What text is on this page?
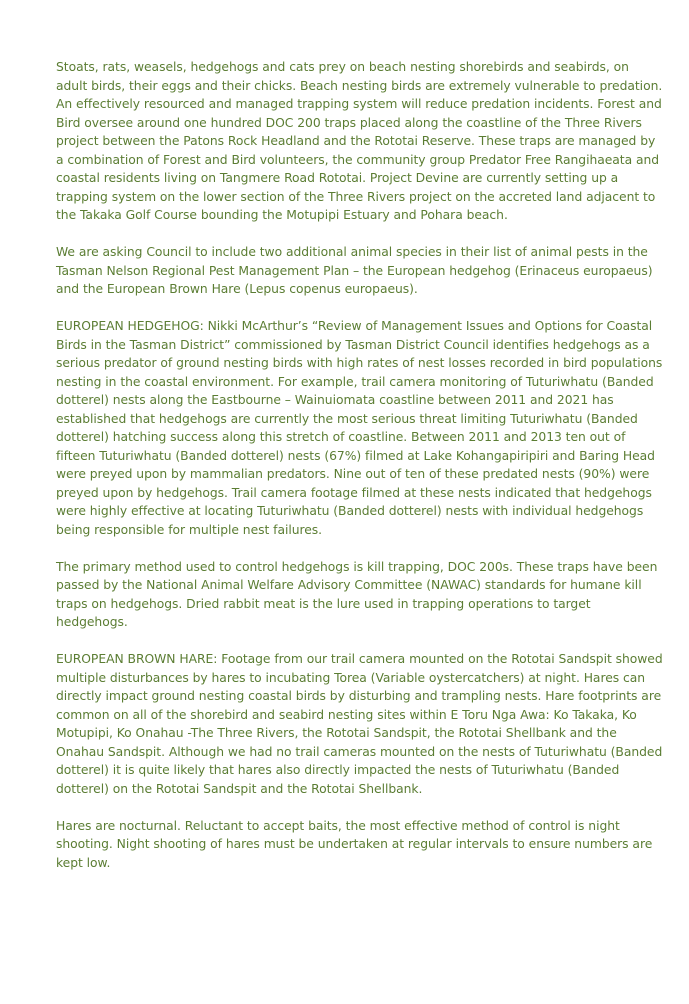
Stoats, rats, weasels, hedgehogs and cats prey on beach nesting shorebirds and seabirds, on adult birds, their eggs and their chicks. Beach nesting birds are extremely vulnerable to predation. An effectively resourced and managed trapping system will reduce predation incidents. Forest and Bird oversee around one hundred DOC 200 traps placed along the coastline of the Three Rivers project between the Patons Rock Headland and the Rototai Reserve. These traps are managed by a combination of Forest and Bird volunteers, the community group Predator Free Rangihaeata and coastal residents living on Tangmere Road Rototai. Project Devine are currently setting up a trapping system on the lower section of the Three Rivers project on the accreted land adjacent to the Takaka Golf Course bounding the Motupipi Estuary and Pohara beach.

We are asking Council to include two additional animal species in their list of animal pests in the Tasman Nelson Regional Pest Management Plan – the European hedgehog (Erinaceus europaeus) and the European Brown Hare (Lepus copenus europaeus).

EUROPEAN HEDGEHOG: Nikki McArthur’s “Review of Management Issues and Options for Coastal Birds in the Tasman District” commissioned by Tasman District Council identifies hedgehogs as a serious predator of ground nesting birds with high rates of nest losses recorded in bird populations nesting in the coastal environment. For example, trail camera monitoring of Tuturiwhatu (Banded dotterel) nests along the Eastbourne – Wainuiomata coastline between 2011 and 2021 has established that hedgehogs are currently the most serious threat limiting Tuturiwhatu (Banded dotterel) hatching success along this stretch of coastline. Between 2011 and 2013 ten out of fifteen Tuturiwhatu (Banded dotterel) nests (67%) filmed at Lake Kohangapiripiri and Baring Head were preyed upon by mammalian predators. Nine out of ten of these predated nests (90%) were preyed upon by hedgehogs. Trail camera footage filmed at these nests indicated that hedgehogs were highly effective at locating Tuturiwhatu (Banded dotterel) nests with individual hedgehogs being responsible for multiple nest failures.

The primary method used to control hedgehogs is kill trapping, DOC 200s. These traps have been passed by the National Animal Welfare Advisory Committee (NAWAC) standards for humane kill traps on hedgehogs. Dried rabbit meat is the lure used in trapping operations to target hedgehogs.

EUROPEAN BROWN HARE: Footage from our trail camera mounted on the Rototai Sandspit showed multiple disturbances by hares to incubating Torea (Variable oystercatchers) at night. Hares can directly impact ground nesting coastal birds by disturbing and trampling nests. Hare footprints are common on all of the shorebird and seabird nesting sites within E Toru Nga Awa: Ko Takaka, Ko Motupipi, Ko Onahau -The Three Rivers, the Rototai Sandspit, the Rototai Shellbank and the Onahau Sandspit. Although we had no trail cameras mounted on the nests of Tuturiwhatu (Banded dotterel) it is quite likely that hares also directly impacted the nests of Tuturiwhatu (Banded dotterel) on the Rototai Sandspit and the Rototai Shellbank.

Hares are nocturnal. Reluctant to accept baits, the most effective method of control is night shooting. Night shooting of hares must be undertaken at regular intervals to ensure numbers are kept low.
